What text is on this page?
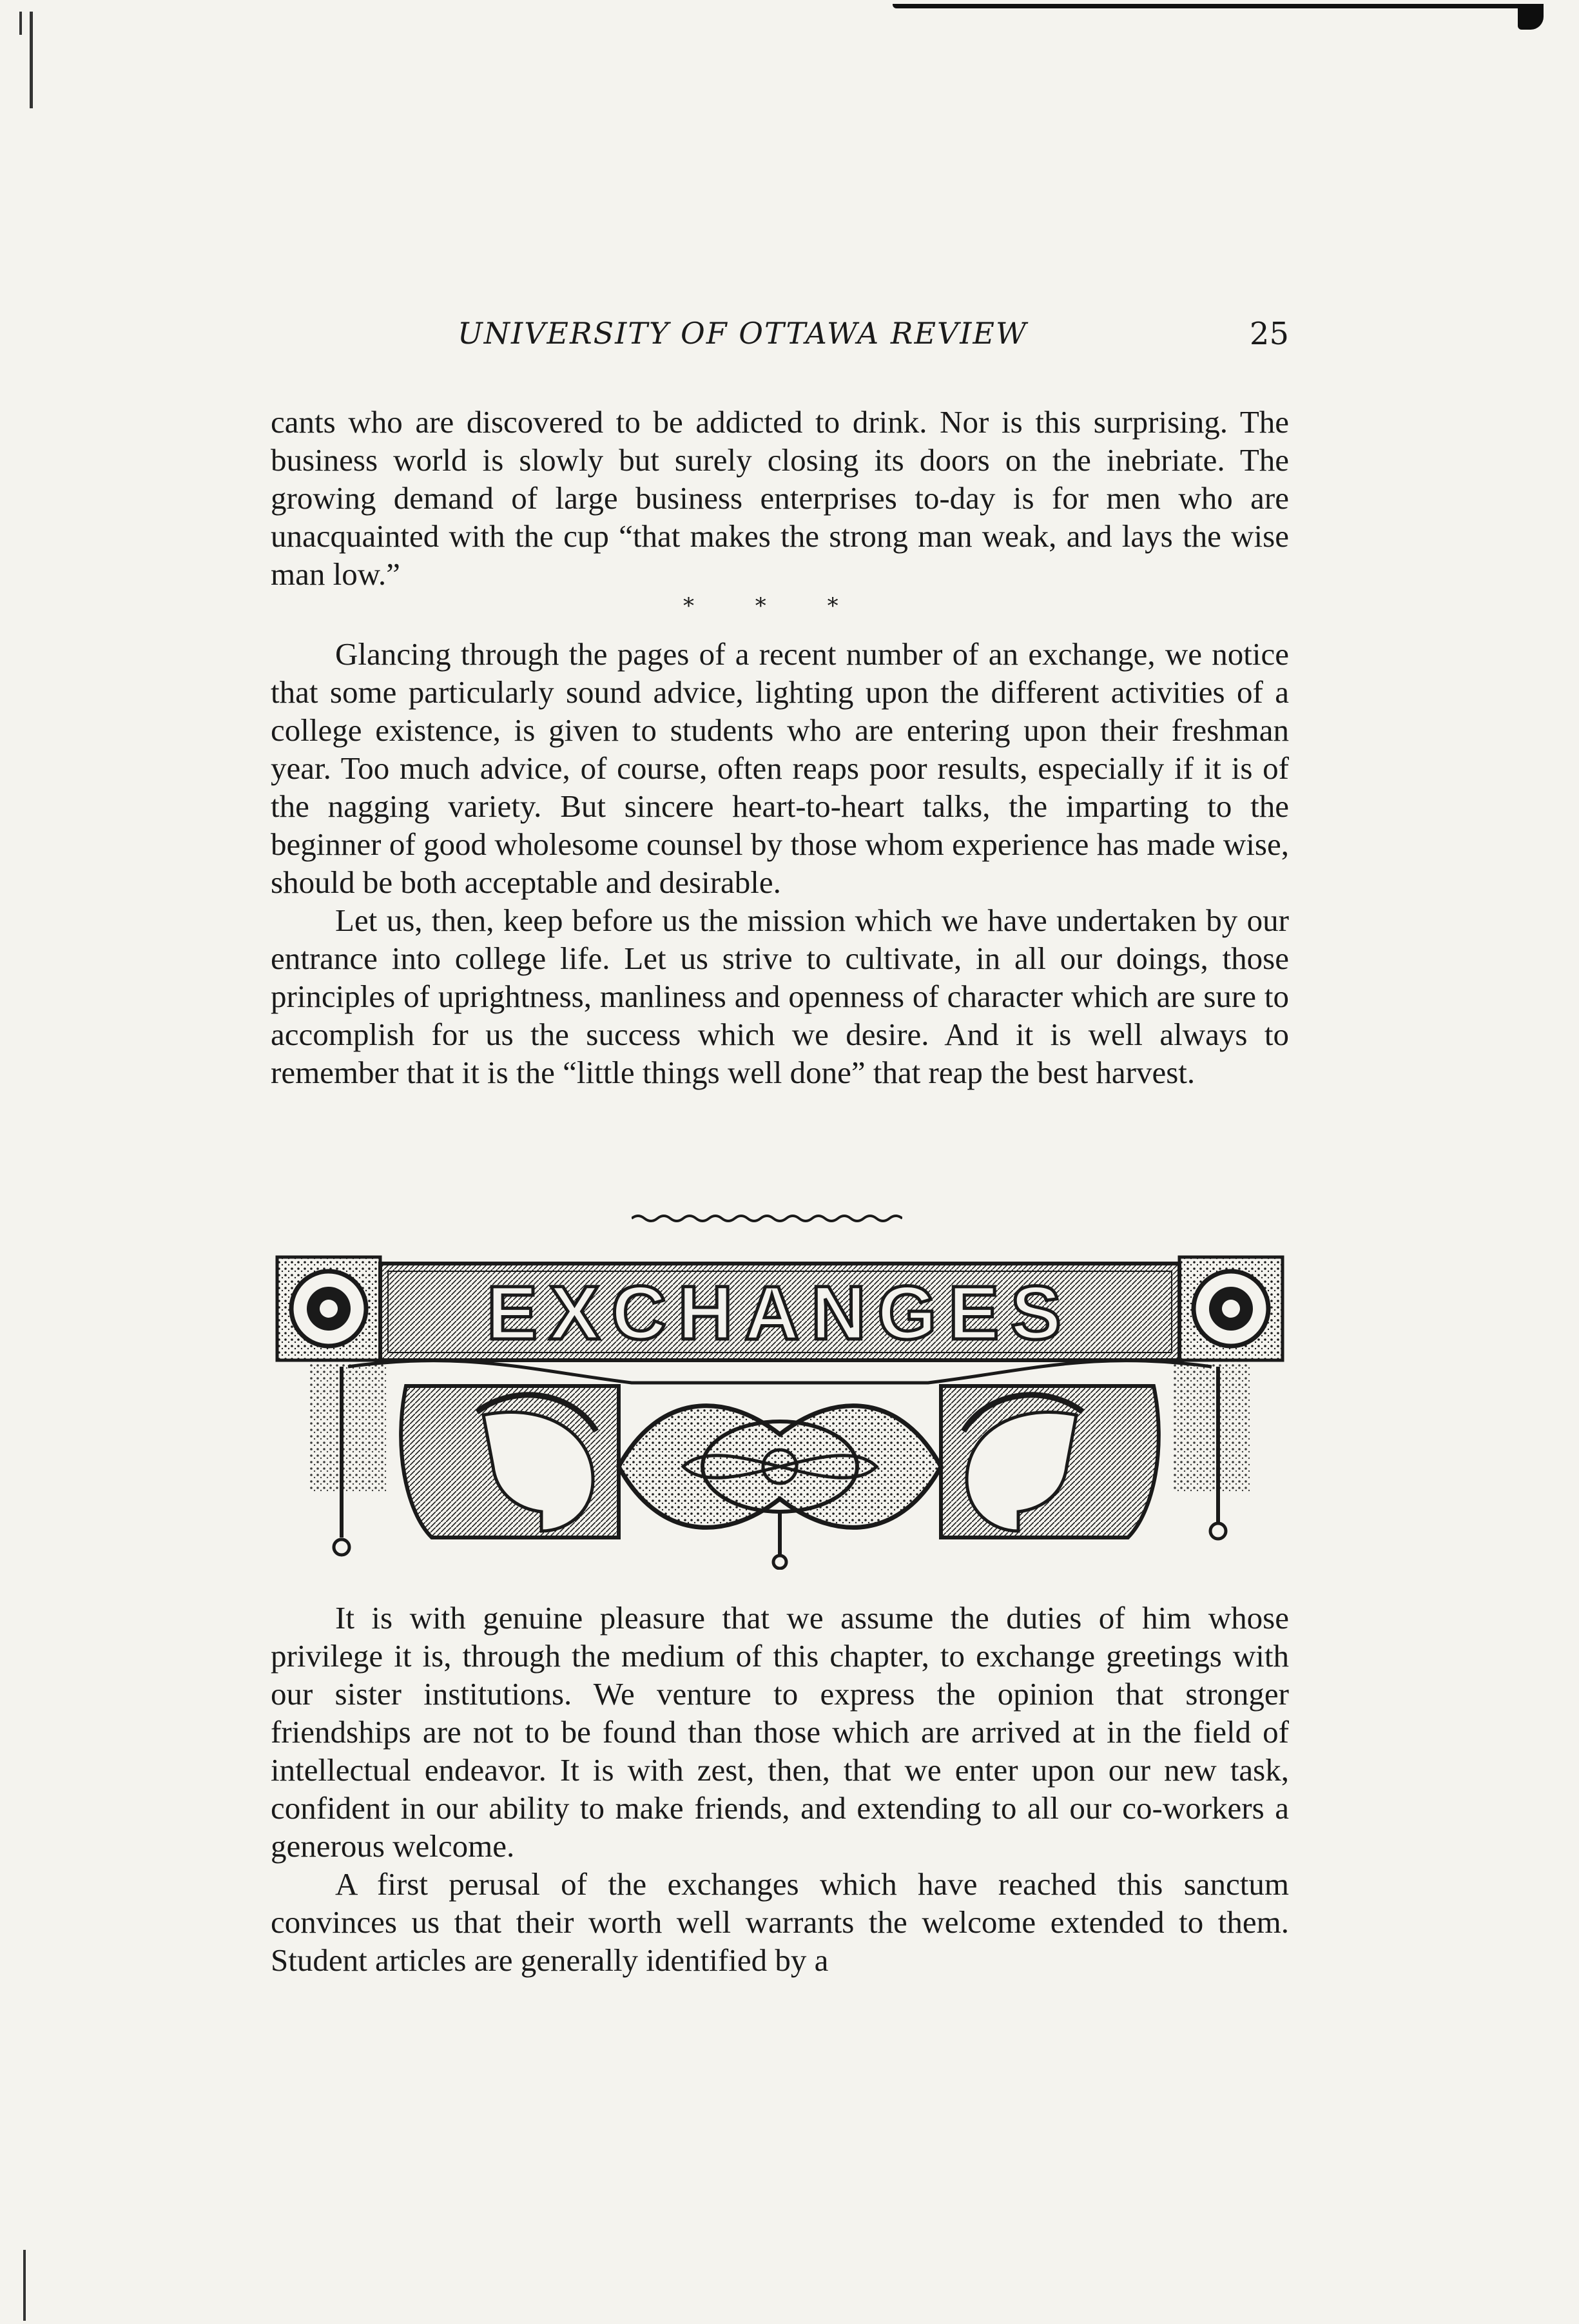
UNIVERSITY OF OTTAWA REVIEW	25

cants who are discovered to be addicted to drink. Nor is this surprising. The business world is slowly but surely closing its doors on the inebriate. The growing demand of large business enterprises to-day is for men who are unacquainted with the cup “that makes the strong man weak, and lays the wise man low.”

* * *

Glancing through the pages of a recent number of an exchange, we notice that some particularly sound advice, lighting upon the different activities of a college existence, is given to students who are entering upon their freshman year. Too much advice, of course, often reaps poor results, especially if it is of the nagging variety. But sincere heart-to-heart talks, the imparting to the beginner of good wholesome counsel by those whom experience has made wise, should be both acceptable and desirable.

Let us, then, keep before us the mission which we have undertaken by our entrance into college life. Let us strive to cultivate, in all our doings, those principles of uprightness, manliness and openness of character which are sure to accomplish for us the success which we desire. And it is well always to remember that it is the “little things well done” that reap the best harvest.

EXCHANGES

It is with genuine pleasure that we assume the duties of him whose privilege it is, through the medium of this chapter, to exchange greetings with our sister institutions. We venture to express the opinion that stronger friendships are not to be found than those which are arrived at in the field of intellectual endeavor. It is with zest, then, that we enter upon our new task, confident in our ability to make friends, and extending to all our co-workers a generous welcome.

A first perusal of the exchanges which have reached this sanctum convinces us that their worth well warrants the welcome extended to them. Student articles are generally identified by a
